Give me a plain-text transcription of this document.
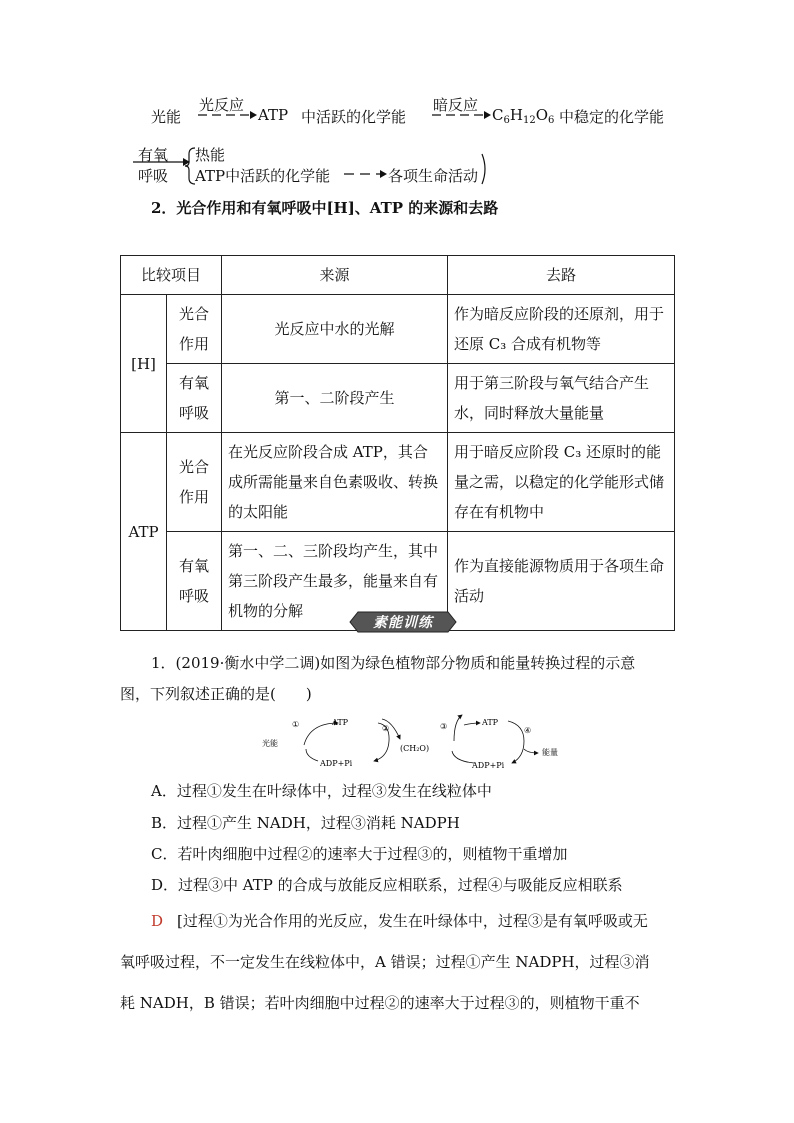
光能
光反应
ATP 中活跃的化学能
暗反应
$C_6H_{12}O_6$ 中稳定的化学能
有氧
呼吸
热能
ATP中活跃的化学能	各项生命活动
2．光合作用和有氧呼吸中[H]、ATP 的来源和去路
比较项目		来源	去路
[H]	光合作用	光反应中水的光解	作为暗反应阶段的还原剂，用于还原 C₃ 合成有机物等
	有氧呼吸	第一、二阶段产生	用于第三阶段与氧气结合产生水，同时释放大量能量
ATP	光合作用	在光反应阶段合成 ATP，其合成所需能量来自色素吸收、转换的太阳能	用于暗反应阶段 C₃ 还原时的能量之需，以稳定的化学能形式储存在有机物中
	有氧呼吸	第一、二、三阶段均产生，其中第三阶段产生最多，能量来自有机物的分解	作为直接能源物质用于各项生命活动
素能训练
1．(2019·衡水中学二调)如图为绿色植物部分物质和能量转换过程的示意
图，下列叙述正确的是(　　)
光能
①	ATP
ADP+Pi
②
(CH₂O)
③	ATP
ADP+Pi
④
能量
A．过程①发生在叶绿体中，过程③发生在线粒体中
B．过程①产生 NADH，过程③消耗 NADPH
C．若叶肉细胞中过程②的速率大于过程③的，则植物干重增加
D．过程③中 ATP 的合成与放能反应相联系，过程④与吸能反应相联系
D [过程①为光合作用的光反应，发生在叶绿体中，过程③是有氧呼吸或无
氧呼吸过程，不一定发生在线粒体中，A 错误；过程①产生 NADPH，过程③消
耗 NADH，B 错误；若叶肉细胞中过程②的速率大于过程③的，则植物干重不
